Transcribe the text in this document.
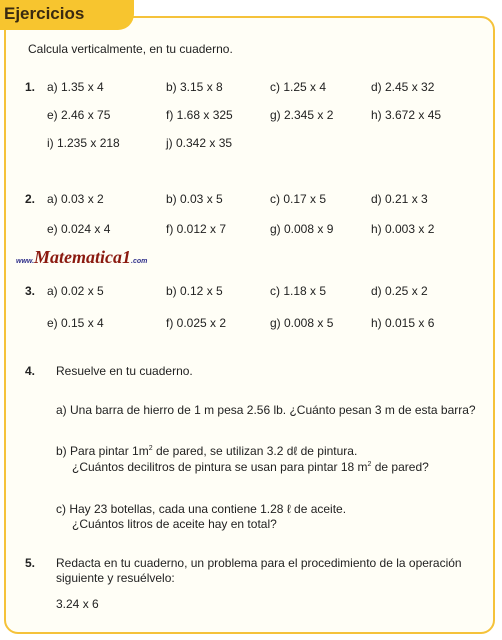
Ejercicios
Calcula verticalmente, en tu cuaderno.
1. a) 1.35 x 4	b) 3.15 x 8	c) 1.25 x 4	d) 2.45 x 32
e) 2.46 x 75	f) 1.68 x 325	g) 2.345 x 2	h) 3.672 x 45
i) 1.235 x 218	j) 0.342 x 35
2. a) 0.03 x 2	b) 0.03 x 5	c) 0.17 x 5	d) 0.21 x 3
e) 0.024 x 4	f) 0.012 x 7	g) 0.008 x 9	h) 0.003 x 2
www.Matematica1.com
3. a) 0.02 x 5	b) 0.12 x 5	c) 1.18 x 5	d) 0.25 x 2
e) 0.15 x 4	f) 0.025 x 2	g) 0.008 x 5	h) 0.015 x 6
4. Resuelve en tu cuaderno.
a) Una barra de hierro de 1 m pesa 2.56 lb. ¿Cuánto pesan 3 m de esta barra?
b) Para pintar $1m^2$ de pared, se utilizan 3.2 dℓ de pintura.
¿Cuántos decilitros de pintura se usan para pintar 18 $m^2$ de pared?
c) Hay 23 botellas, cada una contiene 1.28 ℓ de aceite.
¿Cuántos litros de aceite hay en total?
5. Redacta en tu cuaderno, un problema para el procedimiento de la operación
siguiente y resuélvelo:
3.24 x 6
